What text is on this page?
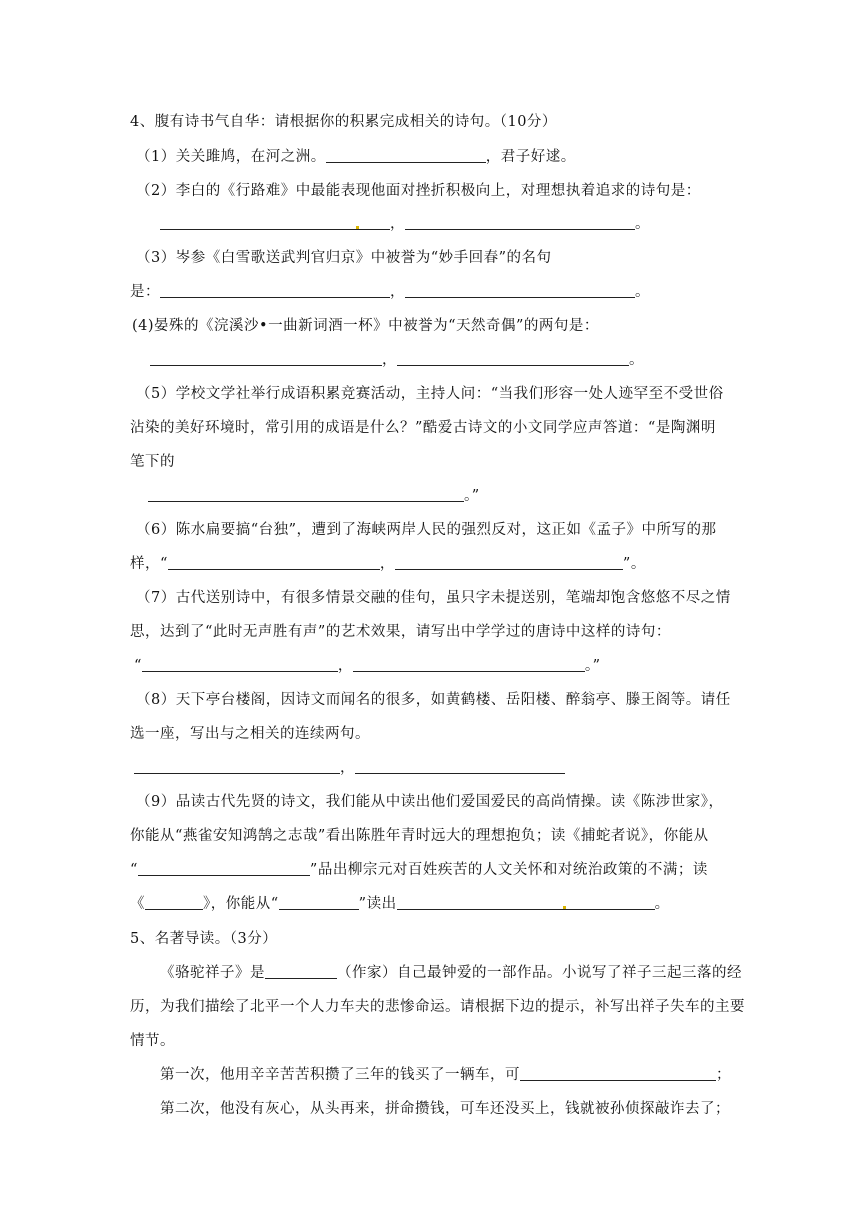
4、腹有诗书气自华：请根据你的积累完成相关的诗句。（10分）
（1）关关雎鸠，在河之洲。	，君子好逑。
（2）李白的《行路难》中最能表现他面对挫折积极向上，对理想执着追求的诗句是：
，	。
（3）岑参《白雪歌送武判官归京》中被誉为“妙手回春”的名句
是：	，	。
(4)晏殊的《浣溪沙•一曲新词酒一杯》中被誉为“天然奇偶”的两句是：
，	。
（5）学校文学社举行成语积累竞赛活动，主持人问：“当我们形容一处人迹罕至不受世俗
沾染的美好环境时，常引用的成语是什么？”酷爱古诗文的小文同学应声答道：“是陶渊明
笔下的
。”
（6）陈水扁要搞“台独”，遭到了海峡两岸人民的强烈反对，这正如《孟子》中所写的那
样，“	，	”。
（7）古代送别诗中，有很多情景交融的佳句，虽只字未提送别，笔端却饱含悠悠不尽之情
思，达到了“此时无声胜有声”的艺术效果，请写出中学学过的唐诗中这样的诗句：
“	，	。”
（8）天下亭台楼阁，因诗文而闻名的很多，如黄鹤楼、岳阳楼、醉翁亭、滕王阁等。请任
选一座，写出与之相关的连续两句。
，
（9）品读古代先贤的诗文，我们能从中读出他们爱国爱民的高尚情操。读《陈涉世家》，
你能从“燕雀安知鸿鹄之志哉”看出陈胜年青时远大的理想抱负；读《捕蛇者说》，你能从
“	”品出柳宗元对百姓疾苦的人文关怀和对统治政策的不满；读
《	》，你能从“	”读出	。
5、名著导读。（3分）
《骆驼祥子》是	（作家）自己最钟爱的一部作品。小说写了祥子三起三落的经
历，为我们描绘了北平一个人力车夫的悲惨命运。请根据下边的提示，补写出祥子失车的主要
情节。
第一次，他用辛辛苦苦积攒了三年的钱买了一辆车，可	；
第二次，他没有灰心，从头再来，拼命攒钱，可车还没买上，钱就被孙侦探敲诈去了；
